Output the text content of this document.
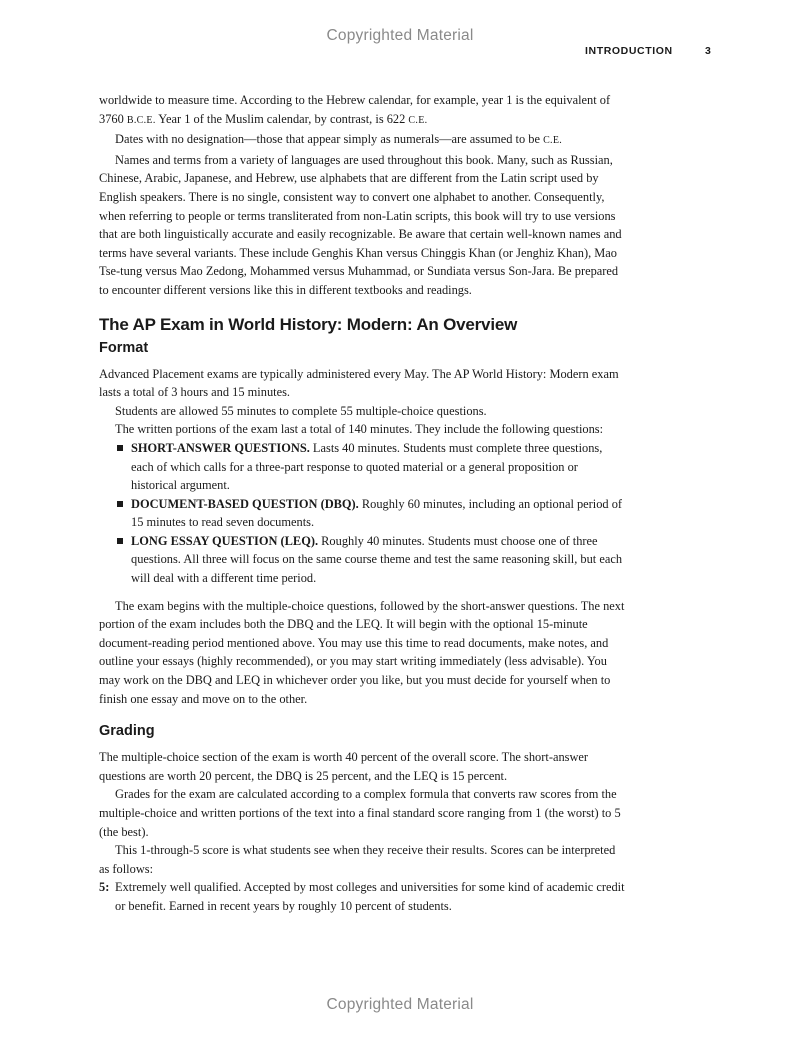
Copyrighted Material
INTRODUCTION	3

worldwide to measure time. According to the Hebrew calendar, for example, year 1 is the equivalent of 3760 B.C.E. Year 1 of the Muslim calendar, by contrast, is 622 C.E.

Dates with no designation—those that appear simply as numerals—are assumed to be C.E.

Names and terms from a variety of languages are used throughout this book. Many, such as Russian, Chinese, Arabic, Japanese, and Hebrew, use alphabets that are different from the Latin script used by English speakers. There is no single, consistent way to convert one alphabet to another. Consequently, when referring to people or terms transliterated from non-Latin scripts, this book will try to use versions that are both linguistically accurate and easily recognizable. Be aware that certain well-known names and terms have several variants. These include Genghis Khan versus Chinggis Khan (or Jenghiz Khan), Mao Tse-tung versus Mao Zedong, Mohammed versus Muhammad, or Sundiata versus Son-Jara. Be prepared to encounter different versions like this in different textbooks and readings.

The AP Exam in World History: Modern: An Overview
Format

Advanced Placement exams are typically administered every May. The AP World History: Modern exam lasts a total of 3 hours and 15 minutes.

Students are allowed 55 minutes to complete 55 multiple-choice questions.

The written portions of the exam last a total of 140 minutes. They include the following questions:

SHORT-ANSWER QUESTIONS. Lasts 40 minutes. Students must complete three questions, each of which calls for a three-part response to quoted material or a general proposition or historical argument.
DOCUMENT-BASED QUESTION (DBQ). Roughly 60 minutes, including an optional period of 15 minutes to read seven documents.
LONG ESSAY QUESTION (LEQ). Roughly 40 minutes. Students must choose one of three questions. All three will focus on the same course theme and test the same reasoning skill, but each will deal with a different time period.

The exam begins with the multiple-choice questions, followed by the short-answer questions. The next portion of the exam includes both the DBQ and the LEQ. It will begin with the optional 15-minute document-reading period mentioned above. You may use this time to read documents, make notes, and outline your essays (highly recommended), or you may start writing immediately (less advisable). You may work on the DBQ and LEQ in whichever order you like, but you must decide for yourself when to finish one essay and move on to the other.

Grading

The multiple-choice section of the exam is worth 40 percent of the overall score. The short-answer questions are worth 20 percent, the DBQ is 25 percent, and the LEQ is 15 percent.

Grades for the exam are calculated according to a complex formula that converts raw scores from the multiple-choice and written portions of the text into a final standard score ranging from 1 (the worst) to 5 (the best).

This 1-through-5 score is what students see when they receive their results. Scores can be interpreted as follows:

5: Extremely well qualified. Accepted by most colleges and universities for some kind of academic credit or benefit. Earned in recent years by roughly 10 percent of students.
Copyrighted Material
